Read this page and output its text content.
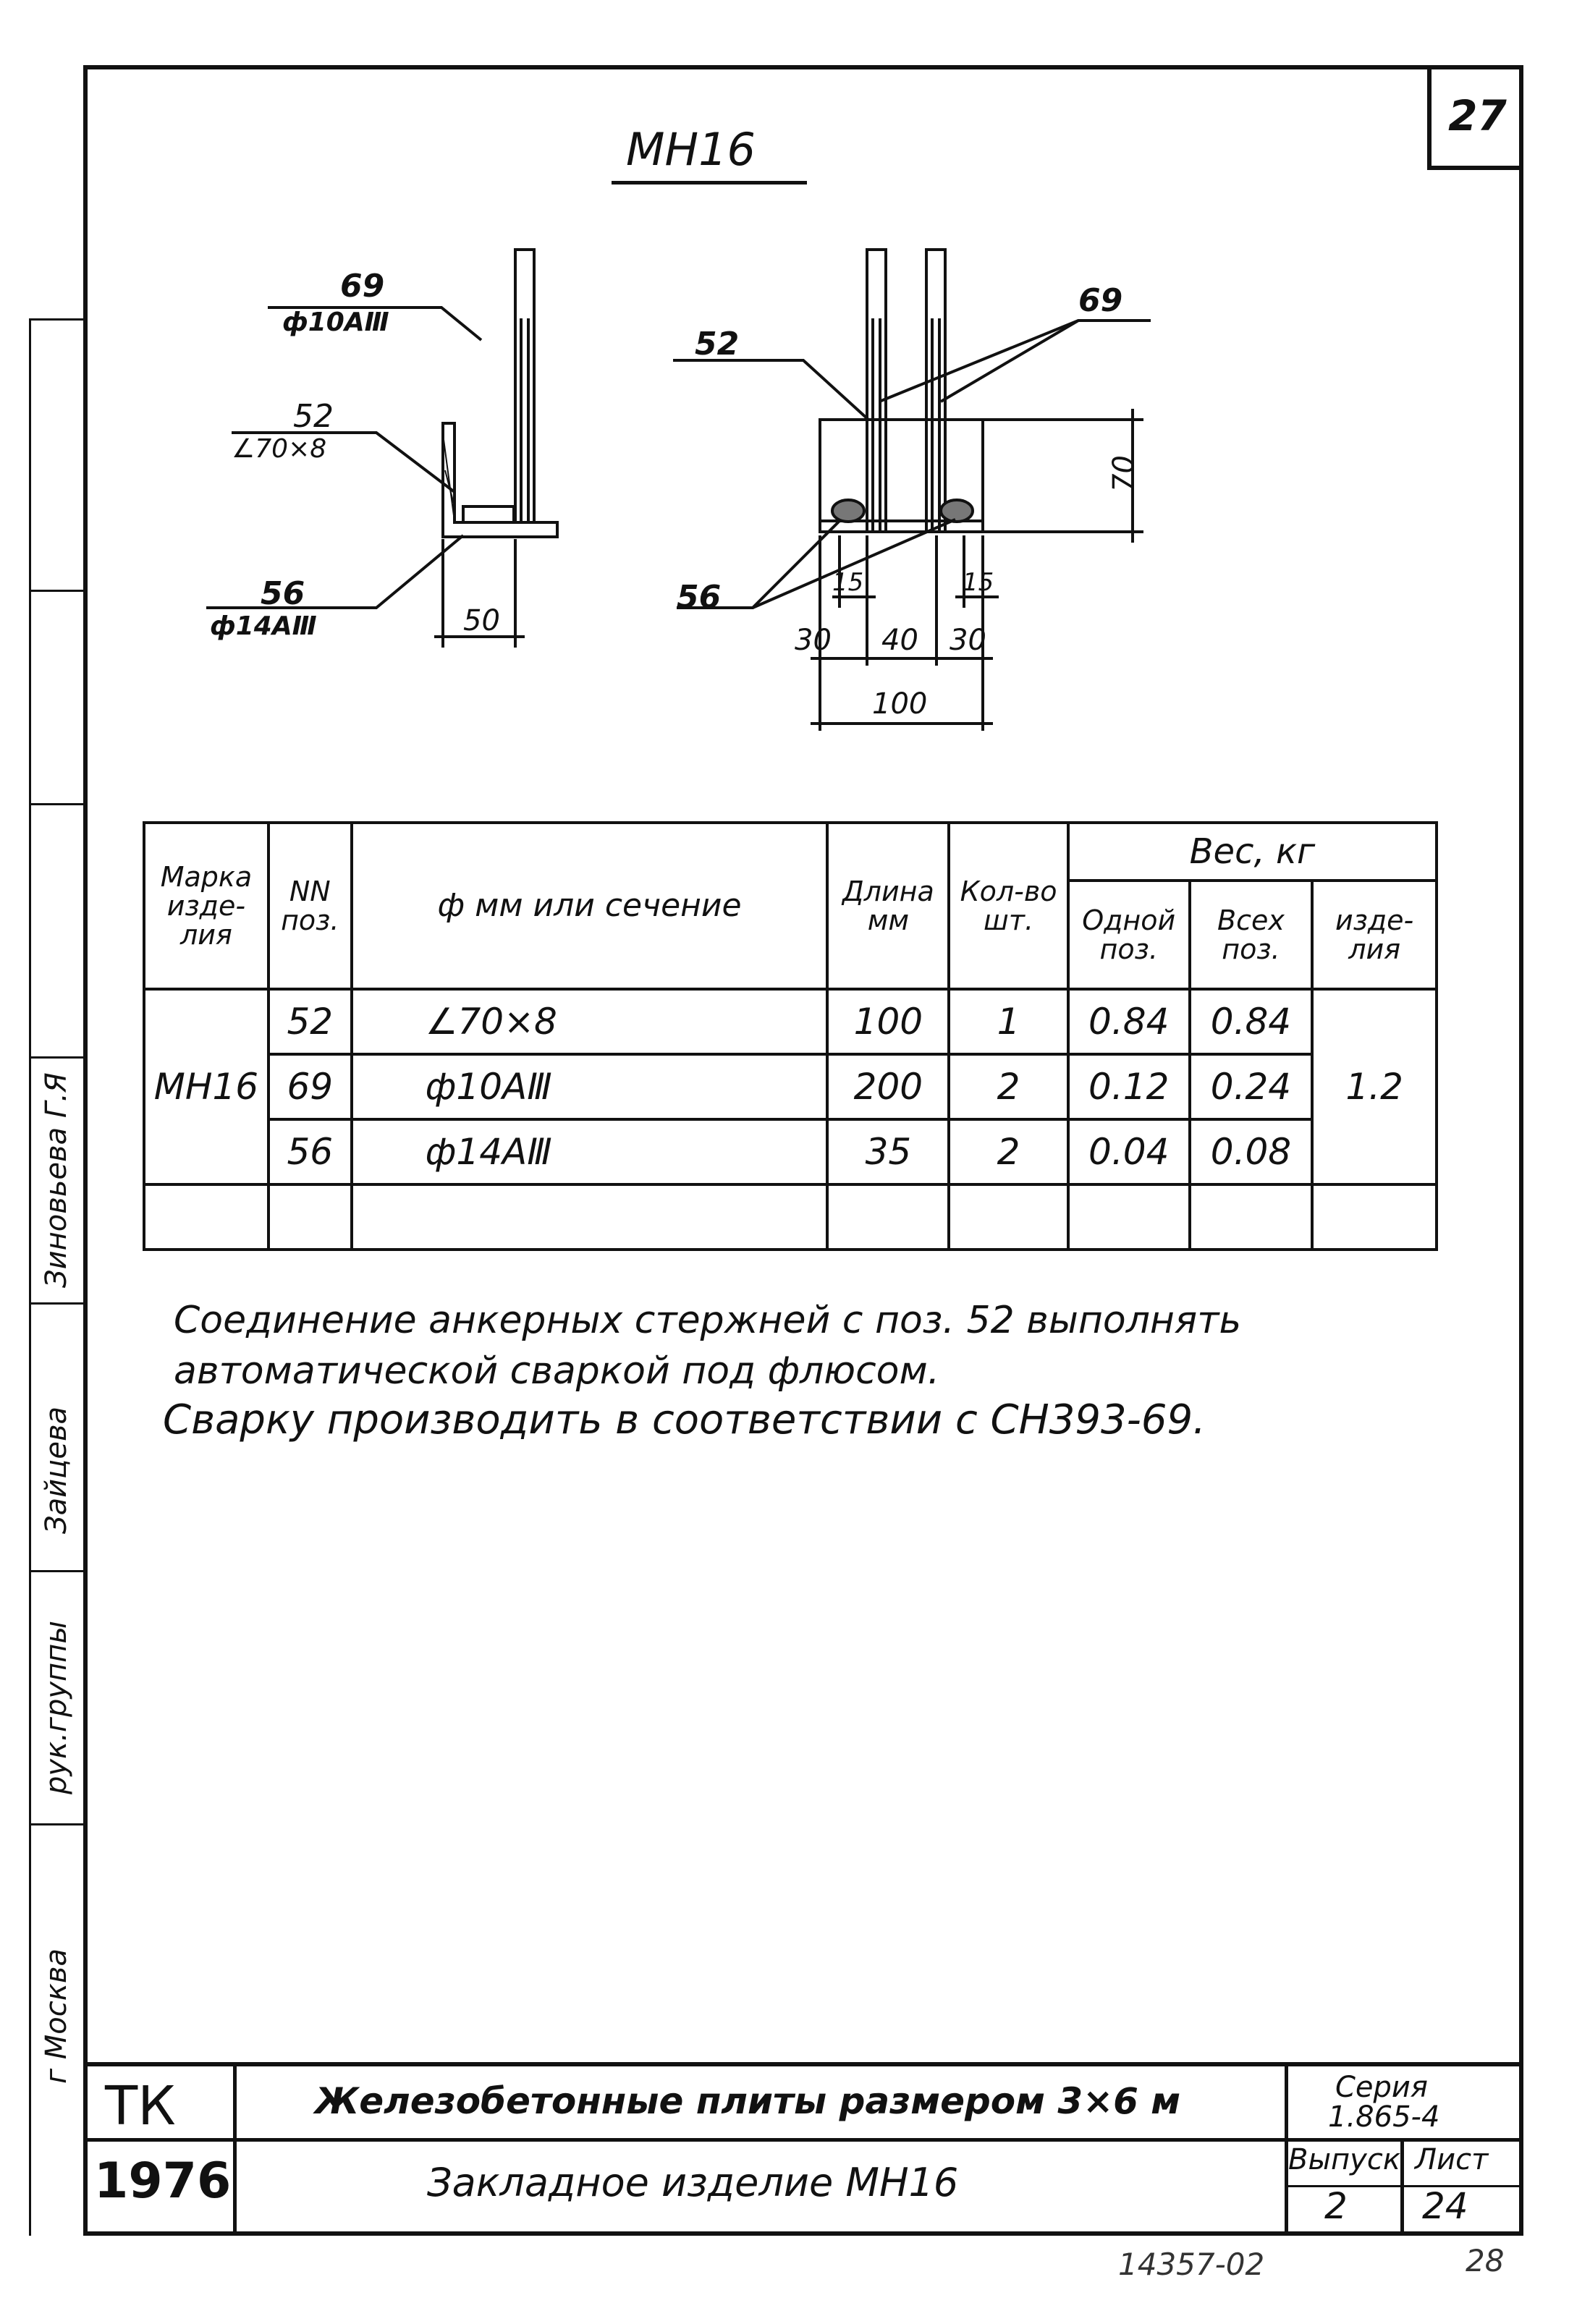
27
МН16
г Москва
рук.группы
Зайцева
Зиновьева Г.Я
69
ф10АⅢ
52
∠70×8
56
ф14АⅢ	50
52
69
56
70
15	15
30 40 30
100
Марка изде- лия	NN поз.	ф мм или сечение	Длина мм	Кол-во шт.	Вес, кг		
					Одной поз.	Всех поз.	изде- лия
МН16	52	∠70×8	100	1	0.84	0.84	1.2
	69	ф10АⅢ	200	2	0.12	0.24	
	56	ф14АⅢ	35	2	0.04	0.08	

Соединение анкерных стержней с поз. 52 выполнять
автоматической сваркой под флюсом.
Сварку производить в соответствии с СН393-69.
ТК
1976
Железобетонные плиты размером 3×6 м
Закладное изделие МН16
Серия
1.865-4
Выпуск
2
Лист
24
14357-02	28
